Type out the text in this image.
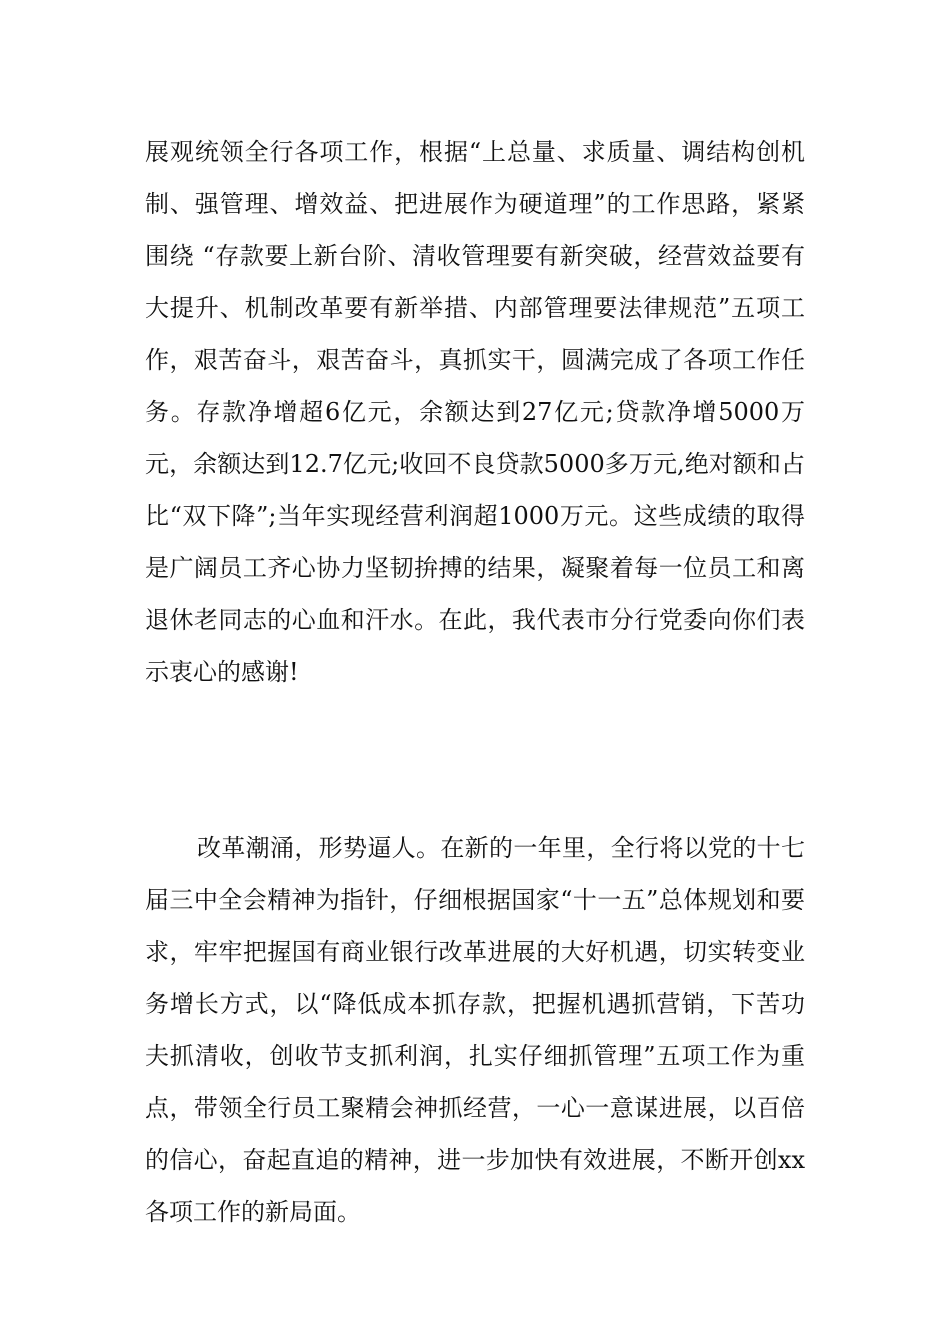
展观统领全行各项工作，根据“上总量、求质量、调结构创机制、强管理、增效益、把进展作为硬道理”的工作思路，紧紧围绕 “存款要上新台阶、清收管理要有新突破，经营效益要有大提升、机制改革要有新举措、内部管理要法律规范”五项工作，艰苦奋斗，艰苦奋斗，真抓实干，圆满完成了各项工作任务。存款净增超6亿元，余额达到27亿元;贷款净增5000万元，余额达到12.7亿元;收回不良贷款5000多万元,绝对额和占比“双下降”;当年实现经营利润超1000万元。这些成绩的取得是广阔员工齐心协力坚韧拚搏的结果，凝聚着每一位员工和离退休老同志的心血和汗水。在此，我代表市分行党委向你们表示衷心的感谢!

改革潮涌，形势逼人。在新的一年里，全行将以党的十七届三中全会精神为指针，仔细根据国家“十一五”总体规划和要求，牢牢把握国有商业银行改革进展的大好机遇，切实转变业务增长方式，以“降低成本抓存款，把握机遇抓营销，下苦功夫抓清收，创收节支抓利润，扎实仔细抓管理”五项工作为重点，带领全行员工聚精会神抓经营，一心一意谋进展，以百倍的信心，奋起直追的精神，进一步加快有效进展，不断开创xx各项工作的新局面。
